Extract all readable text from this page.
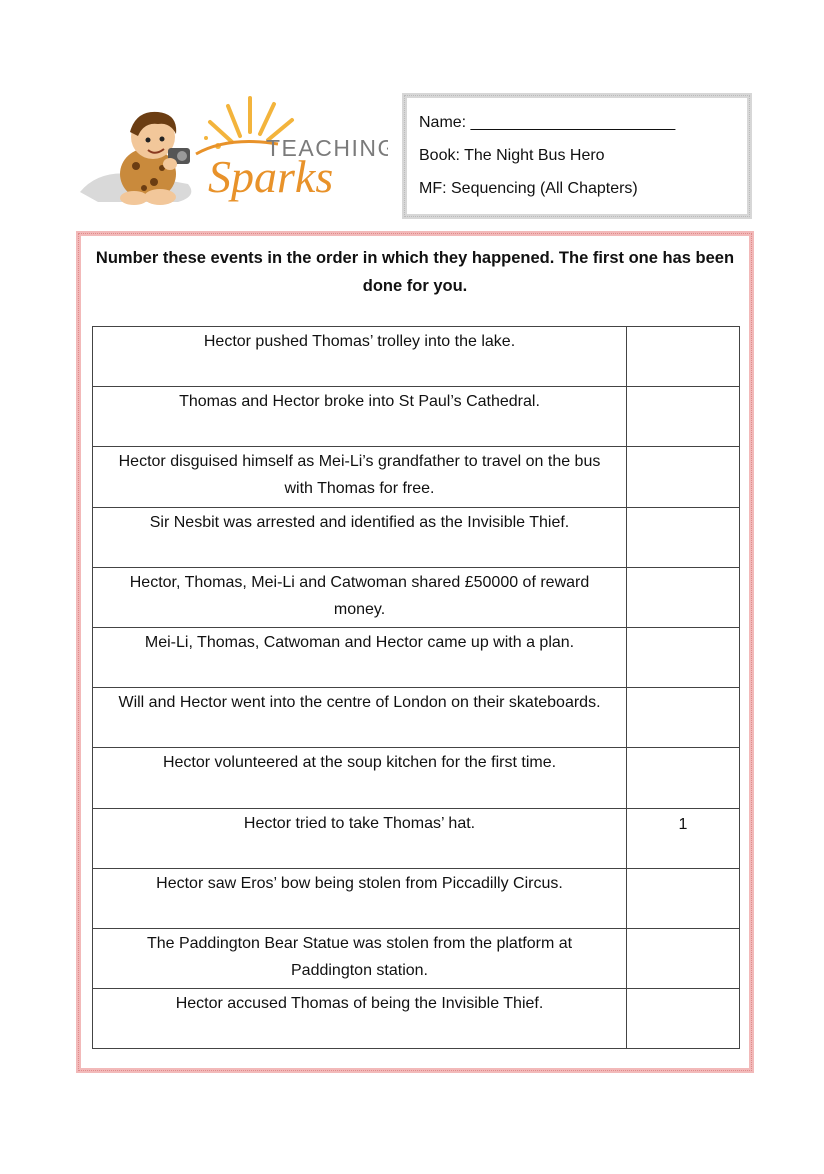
TEACHING
Sparks
Name: _______________________
Book: The Night Bus Hero
MF: Sequencing (All Chapters)
Number these events in the order in which they happened. The first one has been done for you.
Hector pushed Thomas’ trolley into the lake.	
Thomas and Hector broke into St Paul’s Cathedral.	
Hector disguised himself as Mei-Li’s grandfather to travel on the bus with Thomas for free.	
Sir Nesbit was arrested and identified as the Invisible Thief.	
Hector, Thomas, Mei-Li and Catwoman shared £50000 of reward money.	
Mei-Li, Thomas, Catwoman and Hector came up with a plan.	
Will and Hector went into the centre of London on their skateboards.	
Hector volunteered at the soup kitchen for the first time.	
Hector tried to take Thomas’ hat.	1
Hector saw Eros’ bow being stolen from Piccadilly Circus.	
The Paddington Bear Statue was stolen from the platform at Paddington station.	
Hector accused Thomas of being the Invisible Thief.	
